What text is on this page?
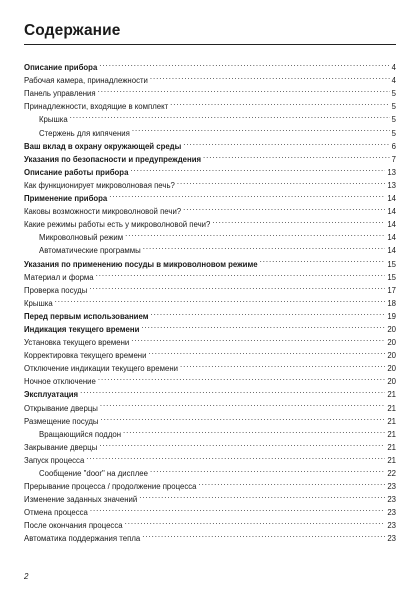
Содержание
Описание прибора . . .	4
Рабочая камера, принадлежности . . .	4
Панель управления . . .	5
Принадлежности, входящие в комплект . . .	5
Крышка . . .	5
Стержень для кипячения . . .	5
Ваш вклад в охрану окружающей среды . . .	6
Указания по безопасности и предупреждения . . .	7
Описание работы прибора . . .	13
Как функционирует микроволновая печь? . . .	13
Применение прибора . . .	14
Каковы возможности микроволновой печи? . . .	14
Какие режимы работы есть у микроволновой печи? . . .	14
Микроволновый режим . . .	14
Автоматические программы . . .	14
Указания по применению посуды в микроволновом режиме . . .	15
Материал и форма . . .	15
Проверка посуды . . .	17
Крышка . . .	18
Перед первым использованием . . .	19
Индикация текущего времени . . .	20
Установка текущего времени . . .	20
Корректировка текущего времени . . .	20
Отключение индикации текущего времени . . .	20
Ночное отключение . . .	20
Эксплуатация . . .	21
Открывание дверцы . . .	21
Размещение посуды . . .	21
Вращающийся поддон . . .	21
Закрывание дверцы . . .	21
Запуск процесса . . .	21
Сообщение "door" на дисплее . . .	22
Прерывание процесса / продолжение процесса . . .	23
Изменение заданных значений . . .	23
Отмена процесса . . .	23
После окончания процесса . . .	23
Автоматика поддержания тепла . . .	23
2
